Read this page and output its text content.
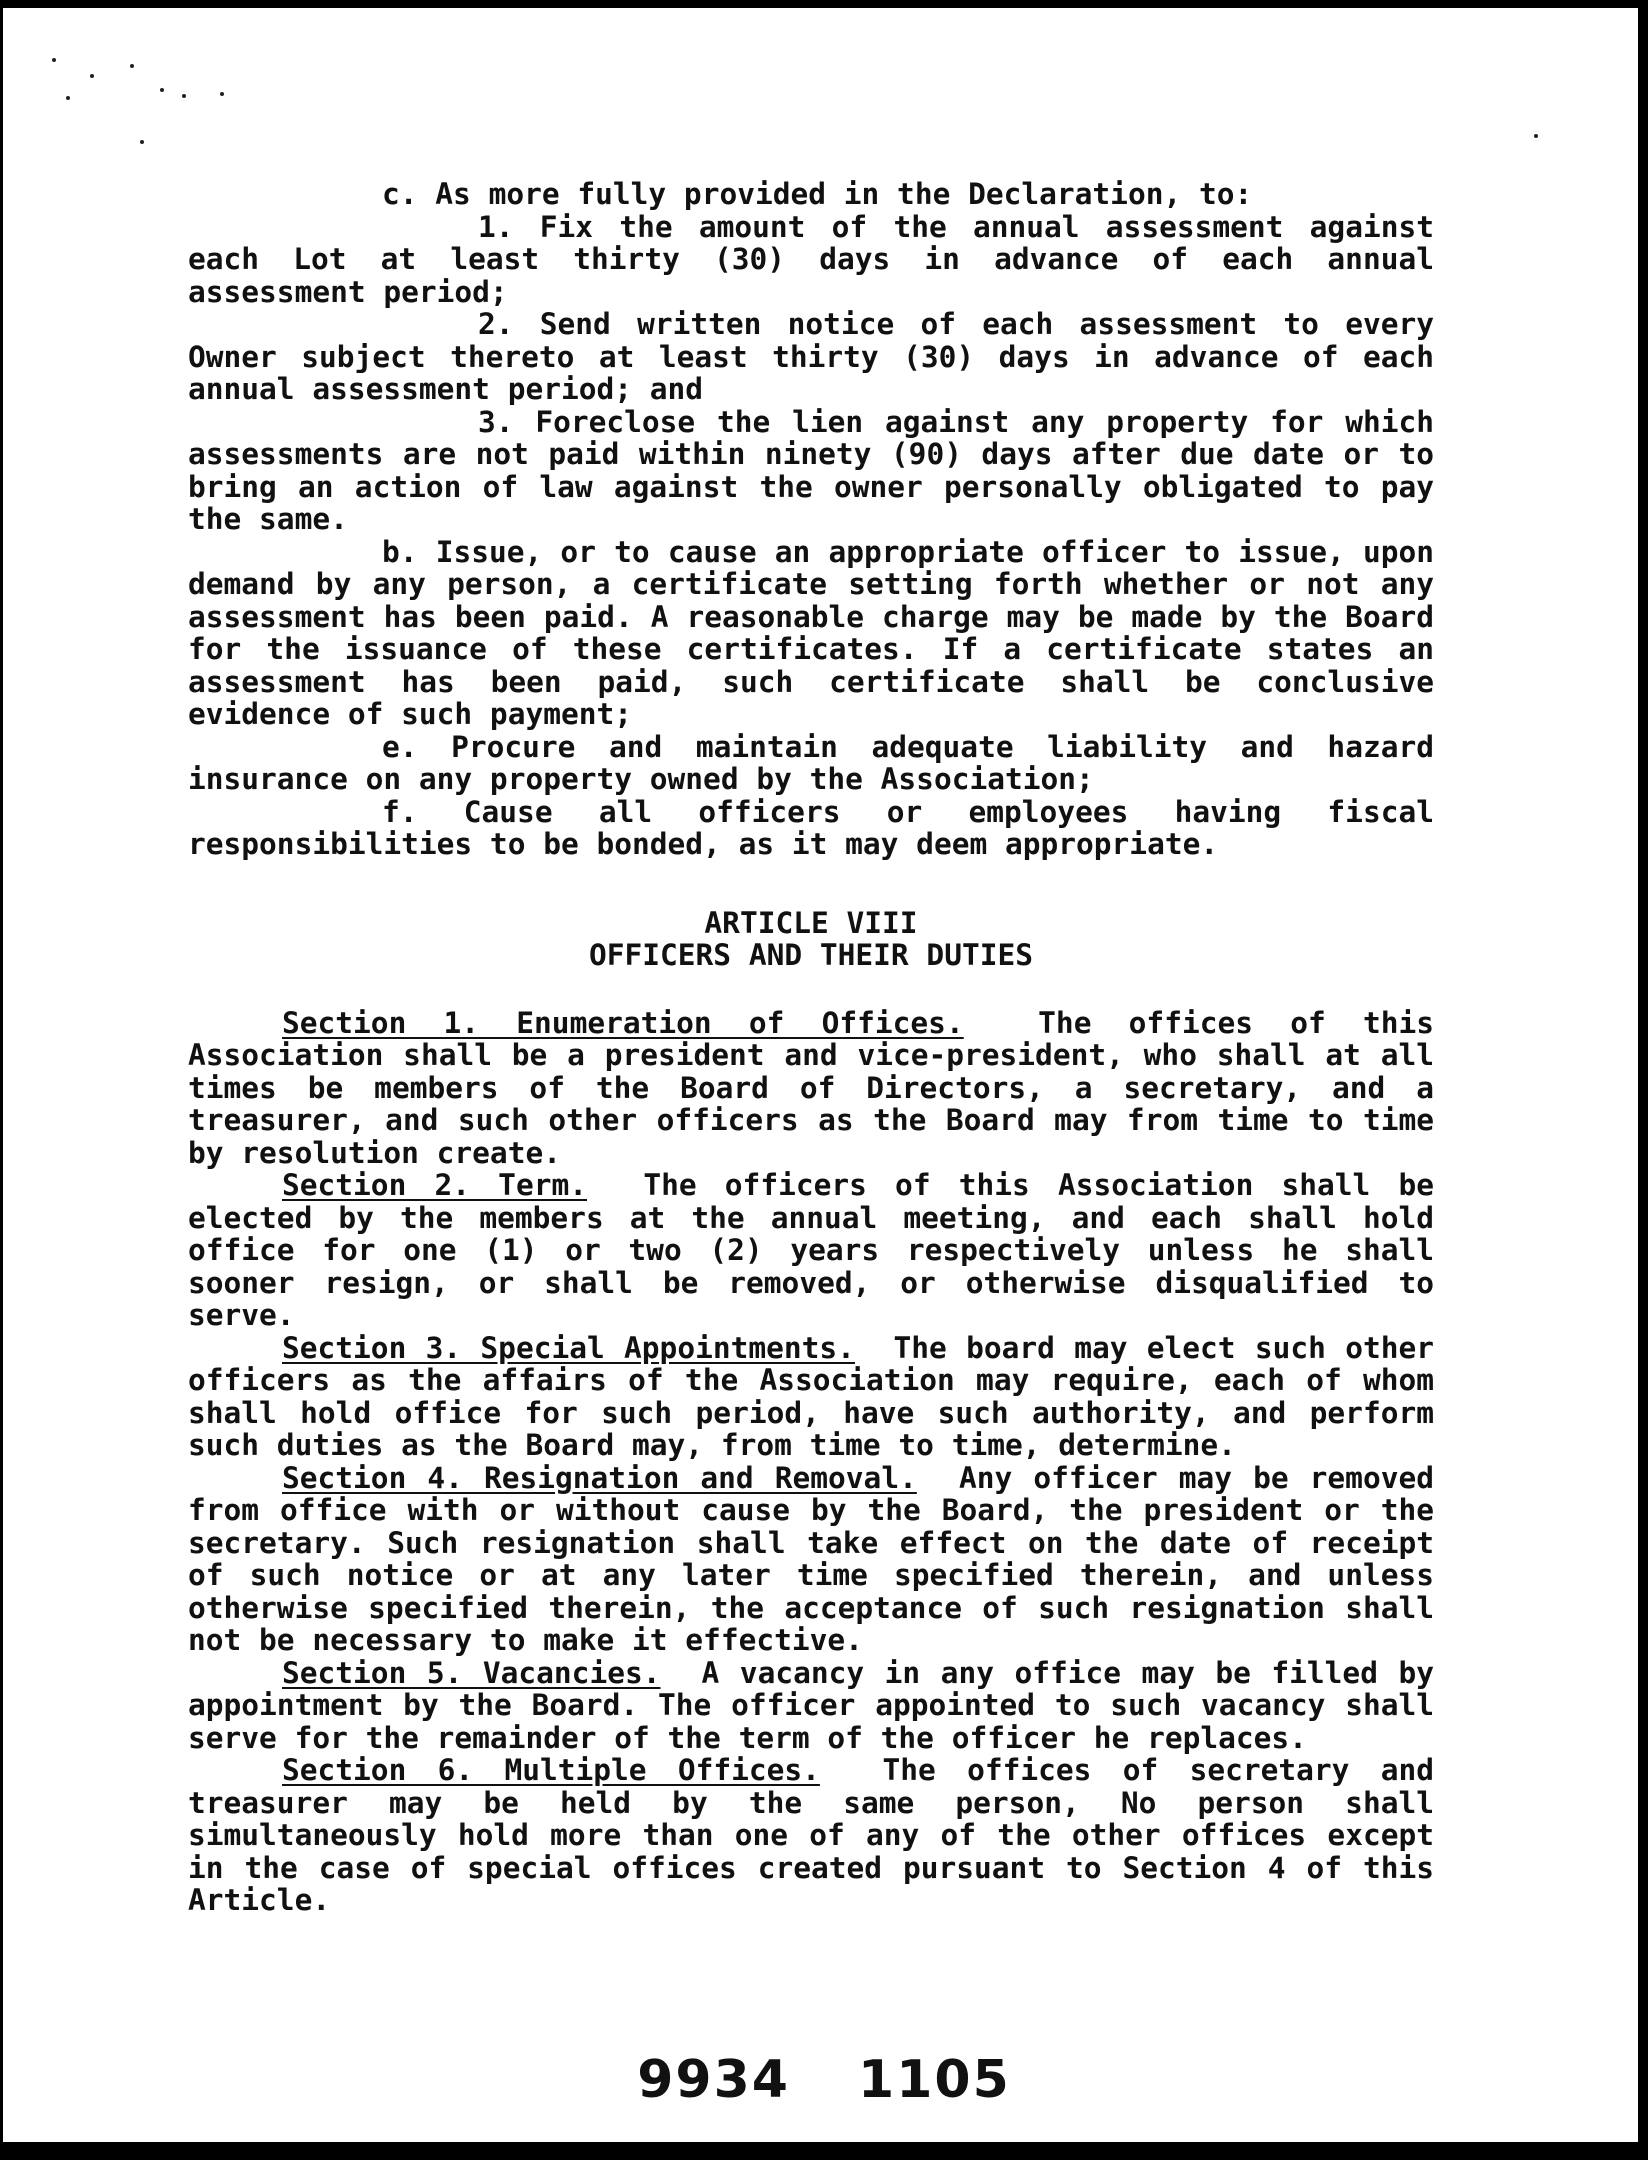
c. As more fully provided in the Declaration, to:

1. Fix the amount of the annual assessment against each Lot at least thirty (30) days in advance of each annual assessment period;

2. Send written notice of each assessment to every Owner subject thereto at least thirty (30) days in advance of each annual assessment period; and

3. Foreclose the lien against any property for which assessments are not paid within ninety (90) days after due date or to bring an action of law against the owner personally obligated to pay the same.

b. Issue, or to cause an appropriate officer to issue, upon demand by any person, a certificate setting forth whether or not any assessment has been paid. A reasonable charge may be made by the Board for the issuance of these certificates. If a certificate states an assessment has been paid, such certificate shall be conclusive evidence of such payment;

e. Procure and maintain adequate liability and hazard insurance on any property owned by the Association;

f. Cause all officers or employees having fiscal responsibilities to be bonded, as it may deem appropriate.

ARTICLE VIII
OFFICERS AND THEIR DUTIES

Section 1. Enumeration of Offices.	The offices of this Association shall be a president and vice-president, who shall at all times be members of the Board of Directors, a secretary, and a treasurer, and such other officers as the Board may from time to time by resolution create.

Section 2. Term. The officers of this Association shall be elected by the members at the annual meeting, and each shall hold office for one (1) or two (2) years respectively unless he shall sooner resign, or shall be removed, or otherwise disqualified to serve.

Section 3. Special Appointments. The board may elect such other officers as the affairs of the Association may require, each of whom shall hold office for such period, have such authority, and perform such duties as the Board may, from time to time, determine.

Section 4. Resignation and Removal. Any officer may be removed from office with or without cause by the Board, the president or the secretary. Such resignation shall take effect on the date of receipt of such notice or at any later time specified therein, and unless otherwise specified therein, the acceptance of such resignation shall not be necessary to make it effective.

Section 5. Vacancies. A vacancy in any office may be filled by appointment by the Board. The officer appointed to such vacancy shall serve for the remainder of the term of the officer he replaces.

Section 6. Multiple Offices. The offices of secretary and treasurer may be held by the same person, No person shall simultaneously hold more than one of any of the other offices except in the case of special offices created pursuant to Section 4 of this Article.

9934 1105
